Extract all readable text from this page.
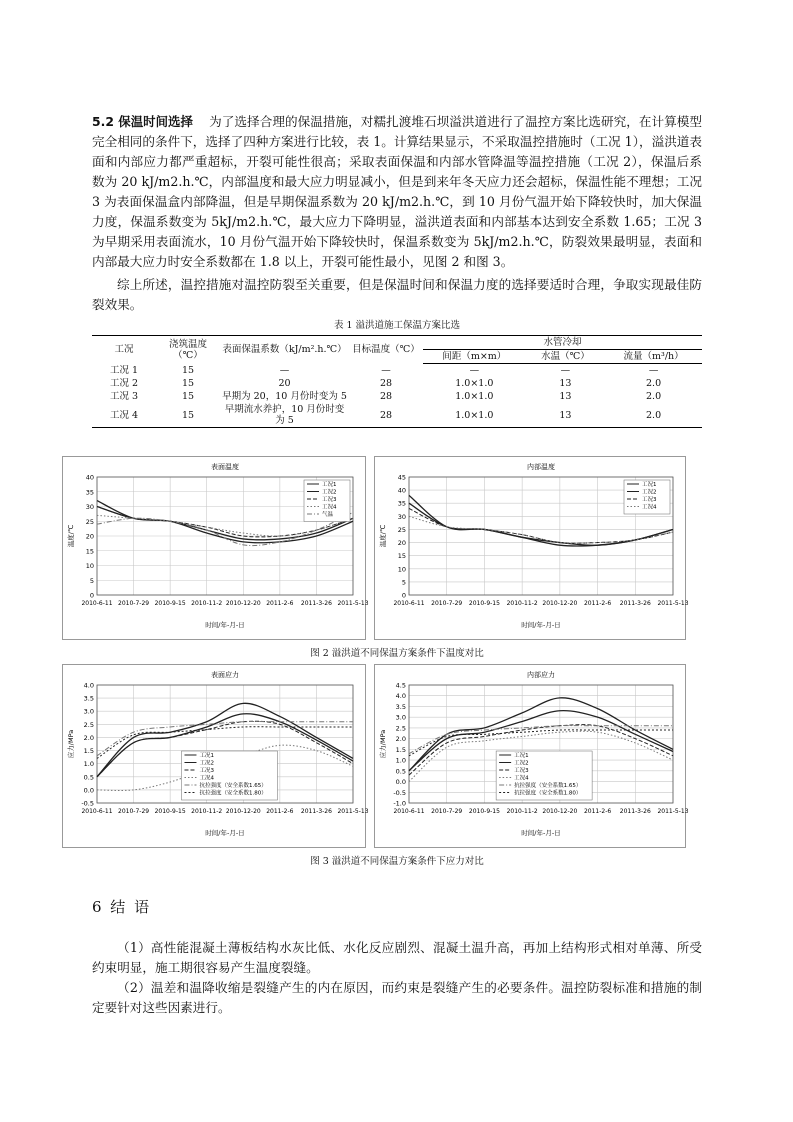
5.2 保温时间选择 为了选择合理的保温措施，对糯扎渡堆石坝溢洪道进行了温控方案比选研究，在计算模型完全相同的条件下，选择了四种方案进行比较，表 1。计算结果显示，不采取温控措施时（工况 1），溢洪道表面和内部应力都严重超标，开裂可能性很高；采取表面保温和内部水管降温等温控措施（工况 2），保温后系数为 20 kJ/m2.h.℃，内部温度和最大应力明显减小，但是到来年冬天应力还会超标，保温性能不理想；工况 3 为表面保温盒内部降温，但是早期保温系数为 20 kJ/m2.h.℃，到 10 月份气温开始下降较快时，加大保温力度，保温系数变为 5kJ/m2.h.℃，最大应力下降明显，溢洪道表面和内部基本达到安全系数 1.65；工况 3 为早期采用表面流水，10 月份气温开始下降较快时，保温系数变为 5kJ/m2.h.℃，防裂效果最明显，表面和内部最大应力时安全系数都在 1.8 以上，开裂可能性最小，见图 2 和图 3。

综上所述，温控措施对温控防裂至关重要，但是保温时间和保温力度的选择要适时合理，争取实现最佳防裂效果。

表 1 溢洪道施工保温方案比选

工况	浇筑温度（℃）	表面保温系数（kJ/m².h.℃）	目标温度（℃）	水管冷却		
				间距（m×m）	水温（℃）	流量（m³/h）
工况 1	15	—	—	—	—	—
工况 2	15	20	28	1.0×1.0	13	2.0
工况 3	15	早期为 20，10 月份时变为 5	28	1.0×1.0	13	2.0
工况 4	15	早期流水养护，10 月份时变为 5	28	1.0×1.0	13	2.0
表面温度
0
5
10
15
20
25
30
35
40
2010-6-11 2010-7-29 2010-9-15 2010-11-2 2010-12-20 2011-2-6 2011-3-26 2011-5-13
时间/年-月-日
温度/℃
工况1
工况2
工况3
工况4
气温
内部温度
0
5
10
15
20
25
30
35
40
45
2010-6-11 2010-7-29 2010-9-15 2010-11-2 2010-12-20 2011-2-6 2011-3-26 2011-5-13
时间/年-月-日
温度/℃
工况1
工况2
工况3
工况4

图 2 溢洪道不同保温方案条件下温度对比

表面应力
-0.5
0.0
0.5
1.0
1.5
2.0
2.5
3.0
3.5
4.0
2010-6-11 2010-7-29 2010-9-15 2010-11-2 2010-12-20 2011-2-6 2011-3-26 2011-5-13
时间/年-月-日
应力/MPa	工况1
工况2
工况3
工况4
抗拉强度（安全系数1.65）
抗拉强度（安全系数1.80）
内部应力
-1.0
-0.5
0.0
0.5
1.0
1.5
2.0
2.5
3.0
3.5
4.0
4.5
2010-6-11 2010-7-29 2010-9-15 2010-11-2 2010-12-20 2011-2-6 2011-3-26 2011-5-13
时间/年-月-日
应力/MPa	工况1
工况2
工况3
工况4
抗拉强度（安全系数1.65）
抗拉强度（安全系数1.80）

图 3 溢洪道不同保温方案条件下应力对比

6 结 语

（1）高性能混凝土薄板结构水灰比低、水化反应剧烈、混凝土温升高，再加上结构形式相对单薄、所受约束明显，施工期很容易产生温度裂缝。

（2）温差和温降收缩是裂缝产生的内在原因，而约束是裂缝产生的必要条件。温控防裂标准和措施的制定要针对这些因素进行。
